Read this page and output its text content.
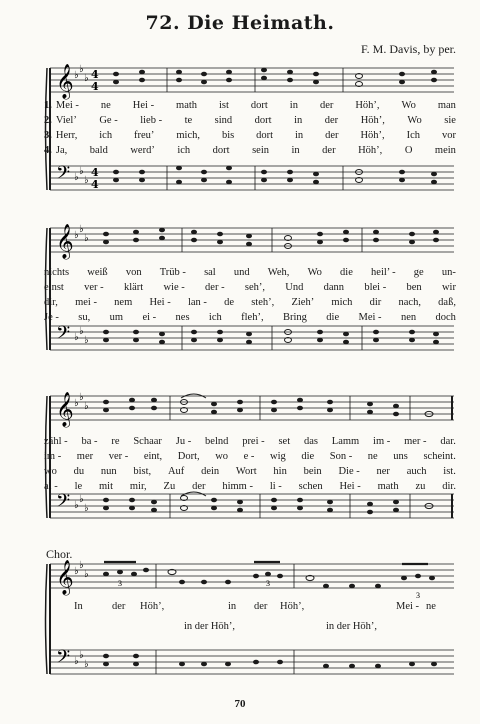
72. Die Heimath.
F. M. Davis, by per.
𝄞
𝄢
♭
♭
♭
♭
♭
♭
4
4
4
4
1. Mei - ne Hei - math ist dort in der Höh’, Wo man
2. Viel’ Ge - lieb - te sind dort in der Höh’, Wo sie
3. Herr, ich freu’ mich, bis dort in der Höh’, Ich vor
4. Ja, bald werd’ ich dort sein in der Höh’, O mein
𝄞
𝄢
♭
♭
♭
♭
♭
♭
nichts weiß von Trüb - sal und Weh, Wo die heil’ - ge un-
einst ver - klärt wie - der - seh’, Und dann blei - ben wir
dir, mei - nem Hei - lan - de steh’, Zieh’ mich dir nach, daß,
Je - su, um ei - nes ich fleh’, Bring die Mei - nen doch
𝄞
𝄢
♭
♭
♭
♭
♭
♭
zähl - ba - re Schaar Ju - belnd prei - set das Lamm im - mer - dar.
im - mer ver - eint, Dort, wo e - wig die Son - ne uns scheint.
wo du nun bist, Auf dein Wort hin bein Die - ner auch ist.
al - le mit mir, Zu der himm - li - schen Hei - math zu dir.
Chor.
𝄞
𝄢
♭
♭
♭
♭
♭
♭
3	3
3
In	der Höh’,	in der Höh’,	Mei - ne
in der Höh’,	in der Höh’,
70
